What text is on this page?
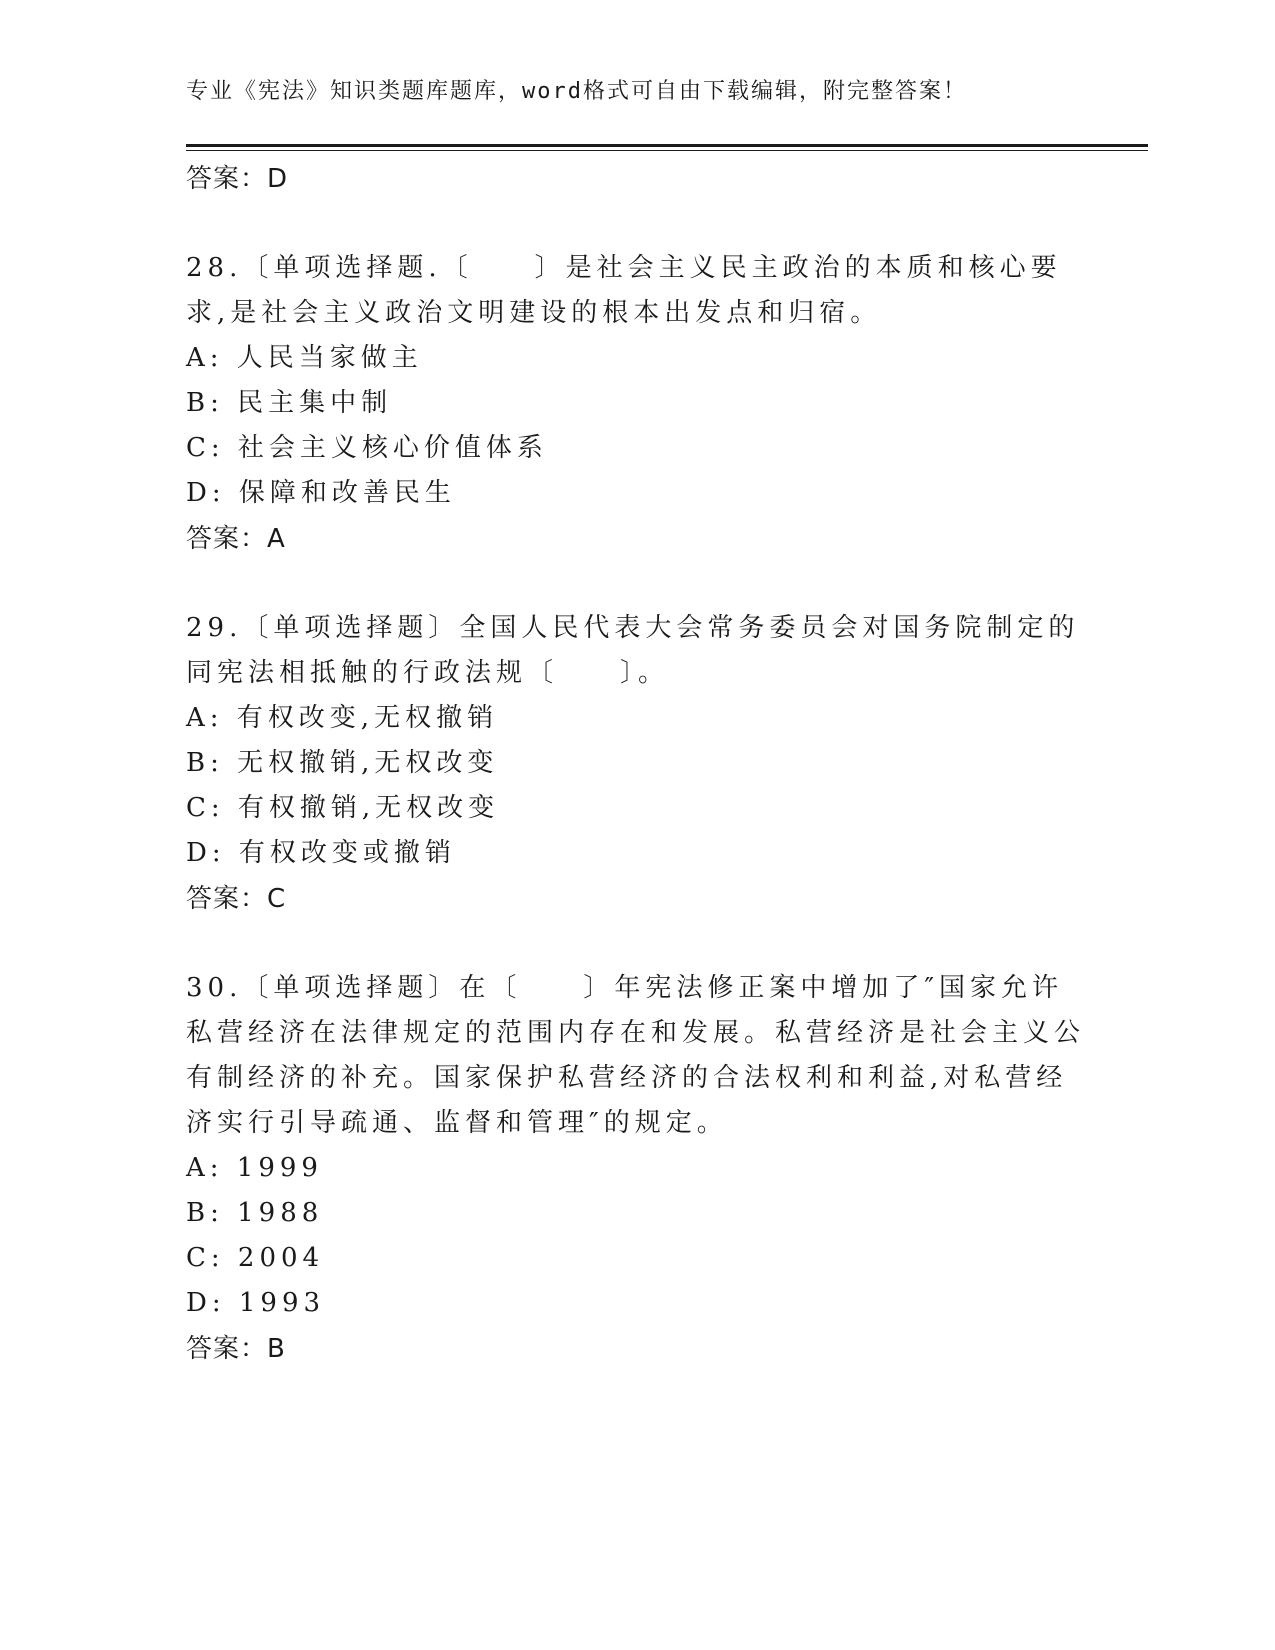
专业《宪法》知识类题库题库，word格式可自由下载编辑，附完整答案！
答案：D
28.〔单项选择题.〔　　〕是社会主义民主政治的本质和核心要求,是社会主义政治文明建设的根本出发点和归宿。
A: 人民当家做主
B: 民主集中制
C: 社会主义核心价值体系
D: 保障和改善民生
答案：A
29.〔单项选择题〕全国人民代表大会常务委员会对国务院制定的同宪法相抵触的行政法规〔　　〕。
A: 有权改变,无权撤销
B: 无权撤销,无权改变
C: 有权撤销,无权改变
D: 有权改变或撤销
答案：C
30.〔单项选择题〕在〔　　〕年宪法修正案中增加了″国家允许私营经济在法律规定的范围内存在和发展。私营经济是社会主义公有制经济的补充。国家保护私营经济的合法权利和利益,对私营经济实行引导疏通、监督和管理″的规定。
A: 1999
B: 1988
C: 2004
D: 1993
答案：B
